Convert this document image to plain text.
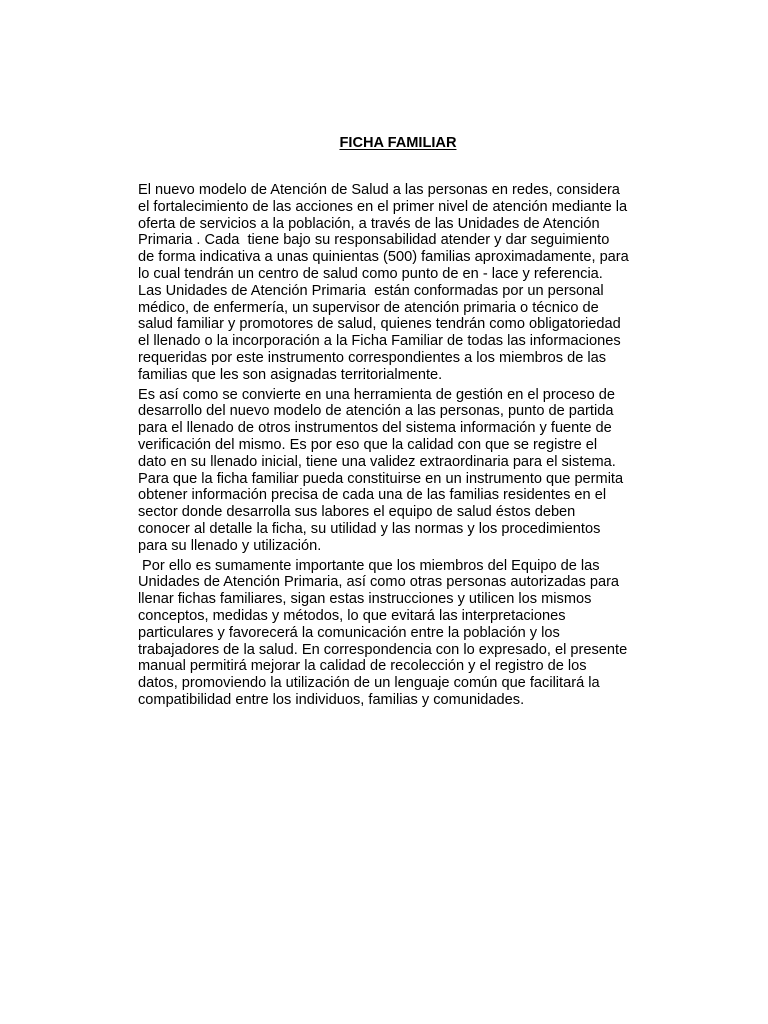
FICHA FAMILIAR

El nuevo modelo de Atención de Salud a las personas en redes, considera
el fortalecimiento de las acciones en el primer nivel de atención mediante la
oferta de servicios a la población, a través de las Unidades de Atención
Primaria . Cada  tiene bajo su responsabilidad atender y dar seguimiento
de forma indicativa a unas quinientas (500) familias aproximadamente, para
lo cual tendrán un centro de salud como punto de en - lace y referencia.
Las Unidades de Atención Primaria  están conformadas por un personal
médico, de enfermería, un supervisor de atención primaria o técnico de
salud familiar y promotores de salud, quienes tendrán como obligatoriedad
el llenado o la incorporación a la Ficha Familiar de todas las informaciones
requeridas por este instrumento correspondientes a los miembros de las
familias que les son asignadas territorialmente.

Es así como se convierte en una herramienta de gestión en el proceso de
desarrollo del nuevo modelo de atención a las personas, punto de partida
para el llenado de otros instrumentos del sistema información y fuente de
verificación del mismo. Es por eso que la calidad con que se registre el
dato en su llenado inicial, tiene una validez extraordinaria para el sistema.
Para que la ficha familiar pueda constituirse en un instrumento que permita
obtener información precisa de cada una de las familias residentes en el
sector donde desarrolla sus labores el equipo de salud éstos deben
conocer al detalle la ficha, su utilidad y las normas y los procedimientos
para su llenado y utilización.

Por ello es sumamente importante que los miembros del Equipo de las
Unidades de Atención Primaria, así como otras personas autorizadas para
llenar fichas familiares, sigan estas instrucciones y utilicen los mismos
conceptos, medidas y métodos, lo que evitará las interpretaciones
particulares y favorecerá la comunicación entre la población y los
trabajadores de la salud. En correspondencia con lo expresado, el presente
manual permitirá mejorar la calidad de recolección y el registro de los
datos, promoviendo la utilización de un lenguaje común que facilitará la
compatibilidad entre los individuos, familias y comunidades.
